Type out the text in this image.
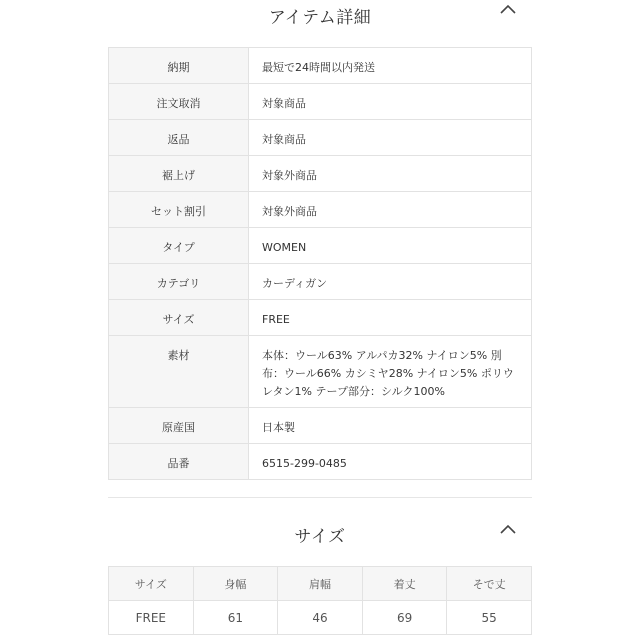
アイテム詳細
納期	最短で24時間以内発送
注文取消	対象商品
返品	対象商品
裾上げ	対象外商品
セット割引	対象外商品
タイプ	WOMEN
カテゴリ	カーディガン
サイズ	FREE
素材	本体：ウール63% アルパカ32% ナイロン5% 別布：ウール66% カシミヤ28% ナイロン5% ポリウレタン1% テープ部分：シルク100%
原産国	日本製
品番	6515-299-0485
サイズ
サイズ	身幅	肩幅	着丈	そで丈
FREE	61	46	69	55
